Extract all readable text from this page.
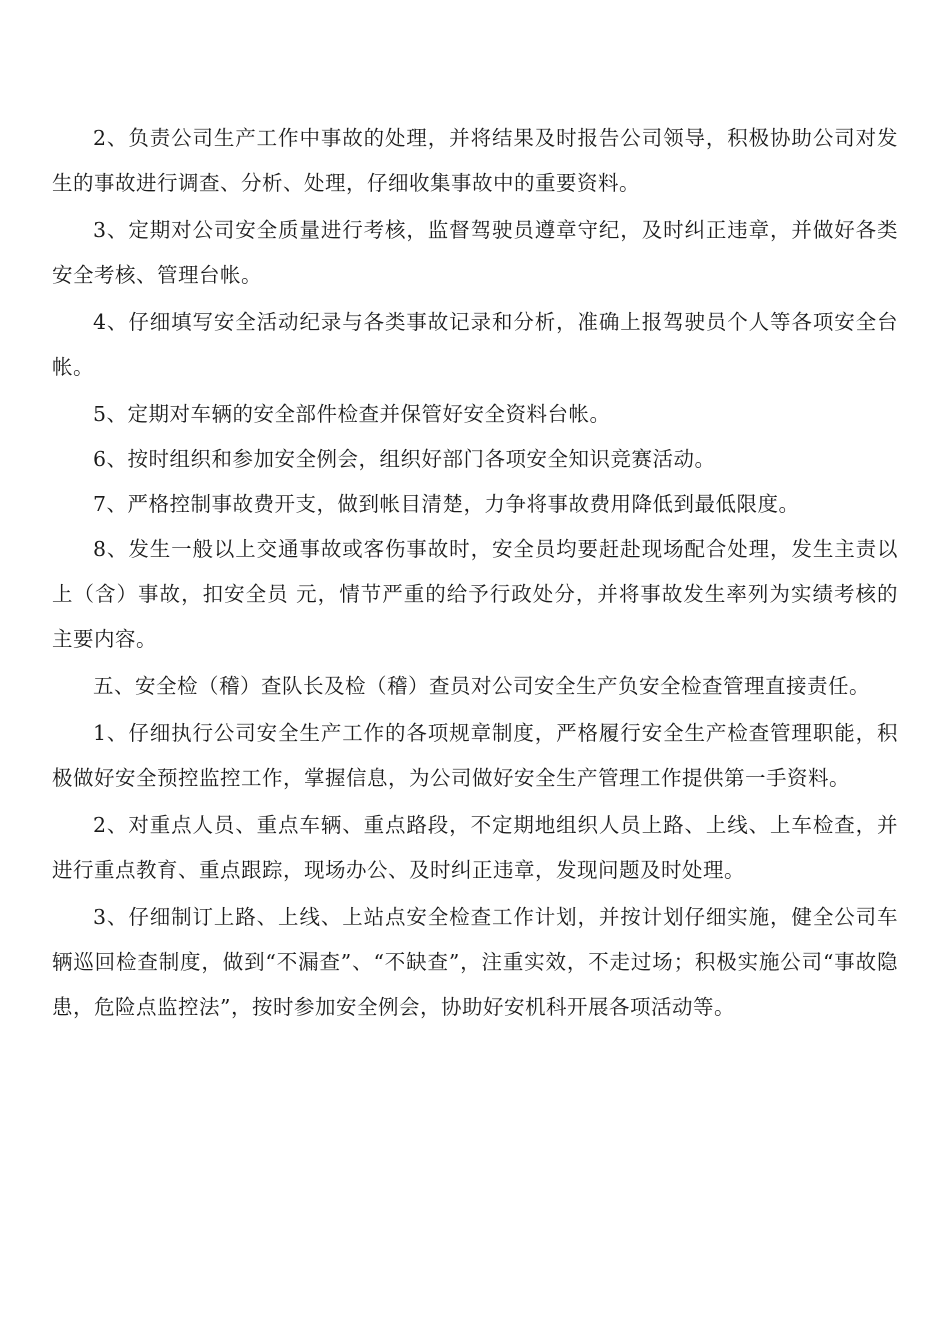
2、负责公司生产工作中事故的处理，并将结果及时报告公司领导，积极协助公司对发生的事故进行调查、分析、处理，仔细收集事故中的重要资料。

3、定期对公司安全质量进行考核，监督驾驶员遵章守纪，及时纠正违章，并做好各类安全考核、管理台帐。

4、仔细填写安全活动纪录与各类事故记录和分析，准确上报驾驶员个人等各项安全台帐。

5、定期对车辆的安全部件检查并保管好安全资料台帐。

6、按时组织和参加安全例会，组织好部门各项安全知识竞赛活动。

7、严格控制事故费开支，做到帐目清楚，力争将事故费用降低到最低限度。

8、发生一般以上交通事故或客伤事故时，安全员均要赶赴现场配合处理，发生主责以上（含）事故，扣安全员 元，情节严重的给予行政处分，并将事故发生率列为实绩考核的主要内容。

五、安全检（稽）查队长及检（稽）查员对公司安全生产负安全检查管理直接责任。

1、仔细执行公司安全生产工作的各项规章制度，严格履行安全生产检查管理职能，积极做好安全预控监控工作，掌握信息，为公司做好安全生产管理工作提供第一手资料。

2、对重点人员、重点车辆、重点路段，不定期地组织人员上路、上线、上车检查，并进行重点教育、重点跟踪，现场办公、及时纠正违章，发现问题及时处理。

3、仔细制订上路、上线、上站点安全检查工作计划，并按计划仔细实施，健全公司车辆巡回检查制度，做到“不漏查”、“不缺查”，注重实效，不走过场；积极实施公司“事故隐患，危险点监控法”，按时参加安全例会，协助好安机科开展各项活动等。
